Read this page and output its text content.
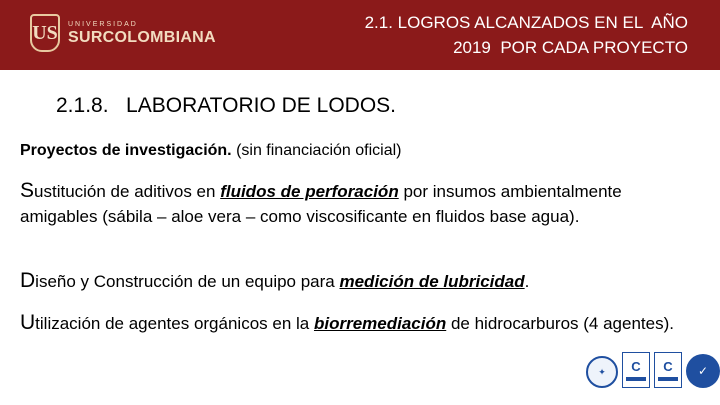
US UNIVERSIDAD
SURCOLOMBIANA
2.1. LOGROS ALCANZADOS EN EL  AÑO
2019  POR CADA PROYECTO
2.1.8.   LABORATORIO DE LODOS.
Proyectos de investigación. (sin financiación oficial)
Sustitución de aditivos en fluidos de perforación por insumos ambientalmente amigables (sábila – aloe vera – como viscosificante en fluidos base agua).
Diseño y Construcción de un equipo para medición de lubricidad.
Utilización de agentes orgánicos en la biorremediación de hidrocarburos (4 agentes).
✦	C C	✓
